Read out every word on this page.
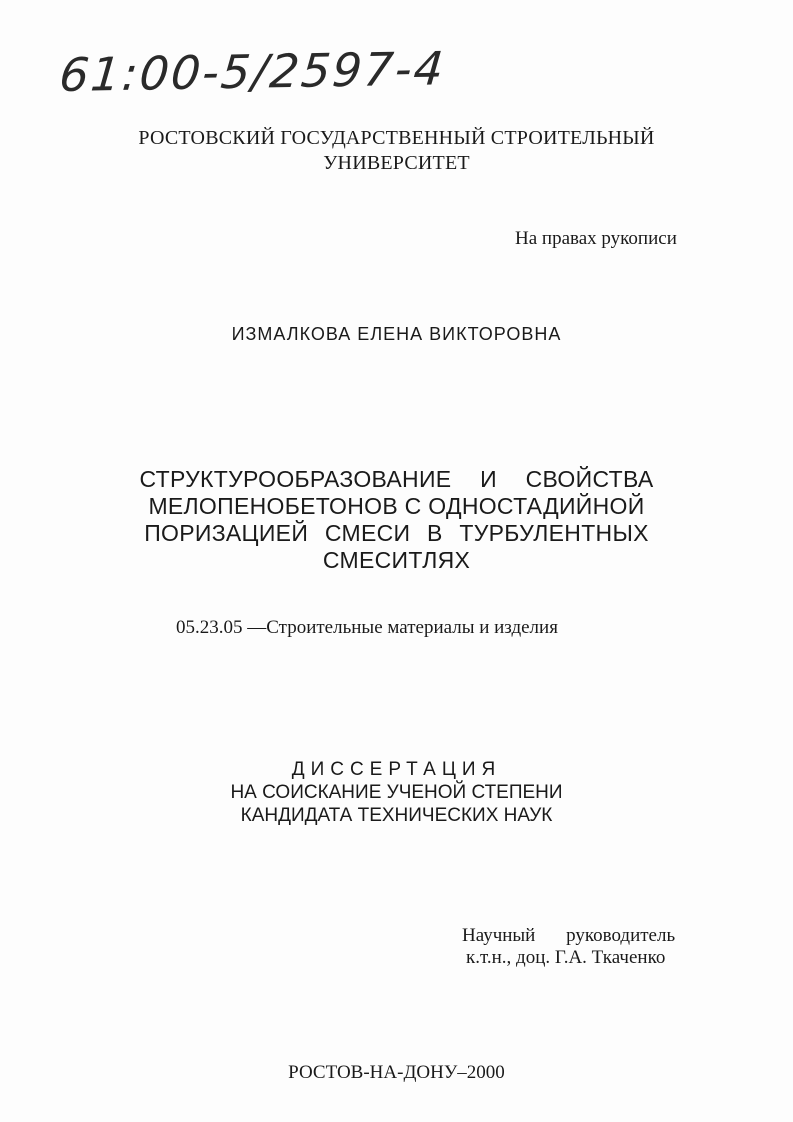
61:00-5/2597-4
РОСТОВСКИЙ ГОСУДАРСТВЕННЫЙ СТРОИТЕЛЬНЫЙ
УНИВЕРСИТЕТ
На правах рукописи
ИЗМАЛКОВА ЕЛЕНА ВИКТОРОВНА
СТРУКТУРООБРАЗОВАНИЕ И СВОЙСТВА
МЕЛОПЕНОБЕТОНОВ С ОДНОСТАДИЙНОЙ
ПОРИЗАЦИЕЙ СМЕСИ В ТУРБУЛЕНТНЫХ
СМЕСИТЛЯХ
05.23.05 —Строительные материалы и изделия
ДИССЕРТАЦИЯ
НА СОИСКАНИЕ УЧЕНОЙ СТЕПЕНИ
КАНДИДАТА ТЕХНИЧЕСКИХ НАУК
Научный руководитель
к.т.н., доц. Г.А. Ткаченко
РОСТОВ-НА-ДОНУ–2000
